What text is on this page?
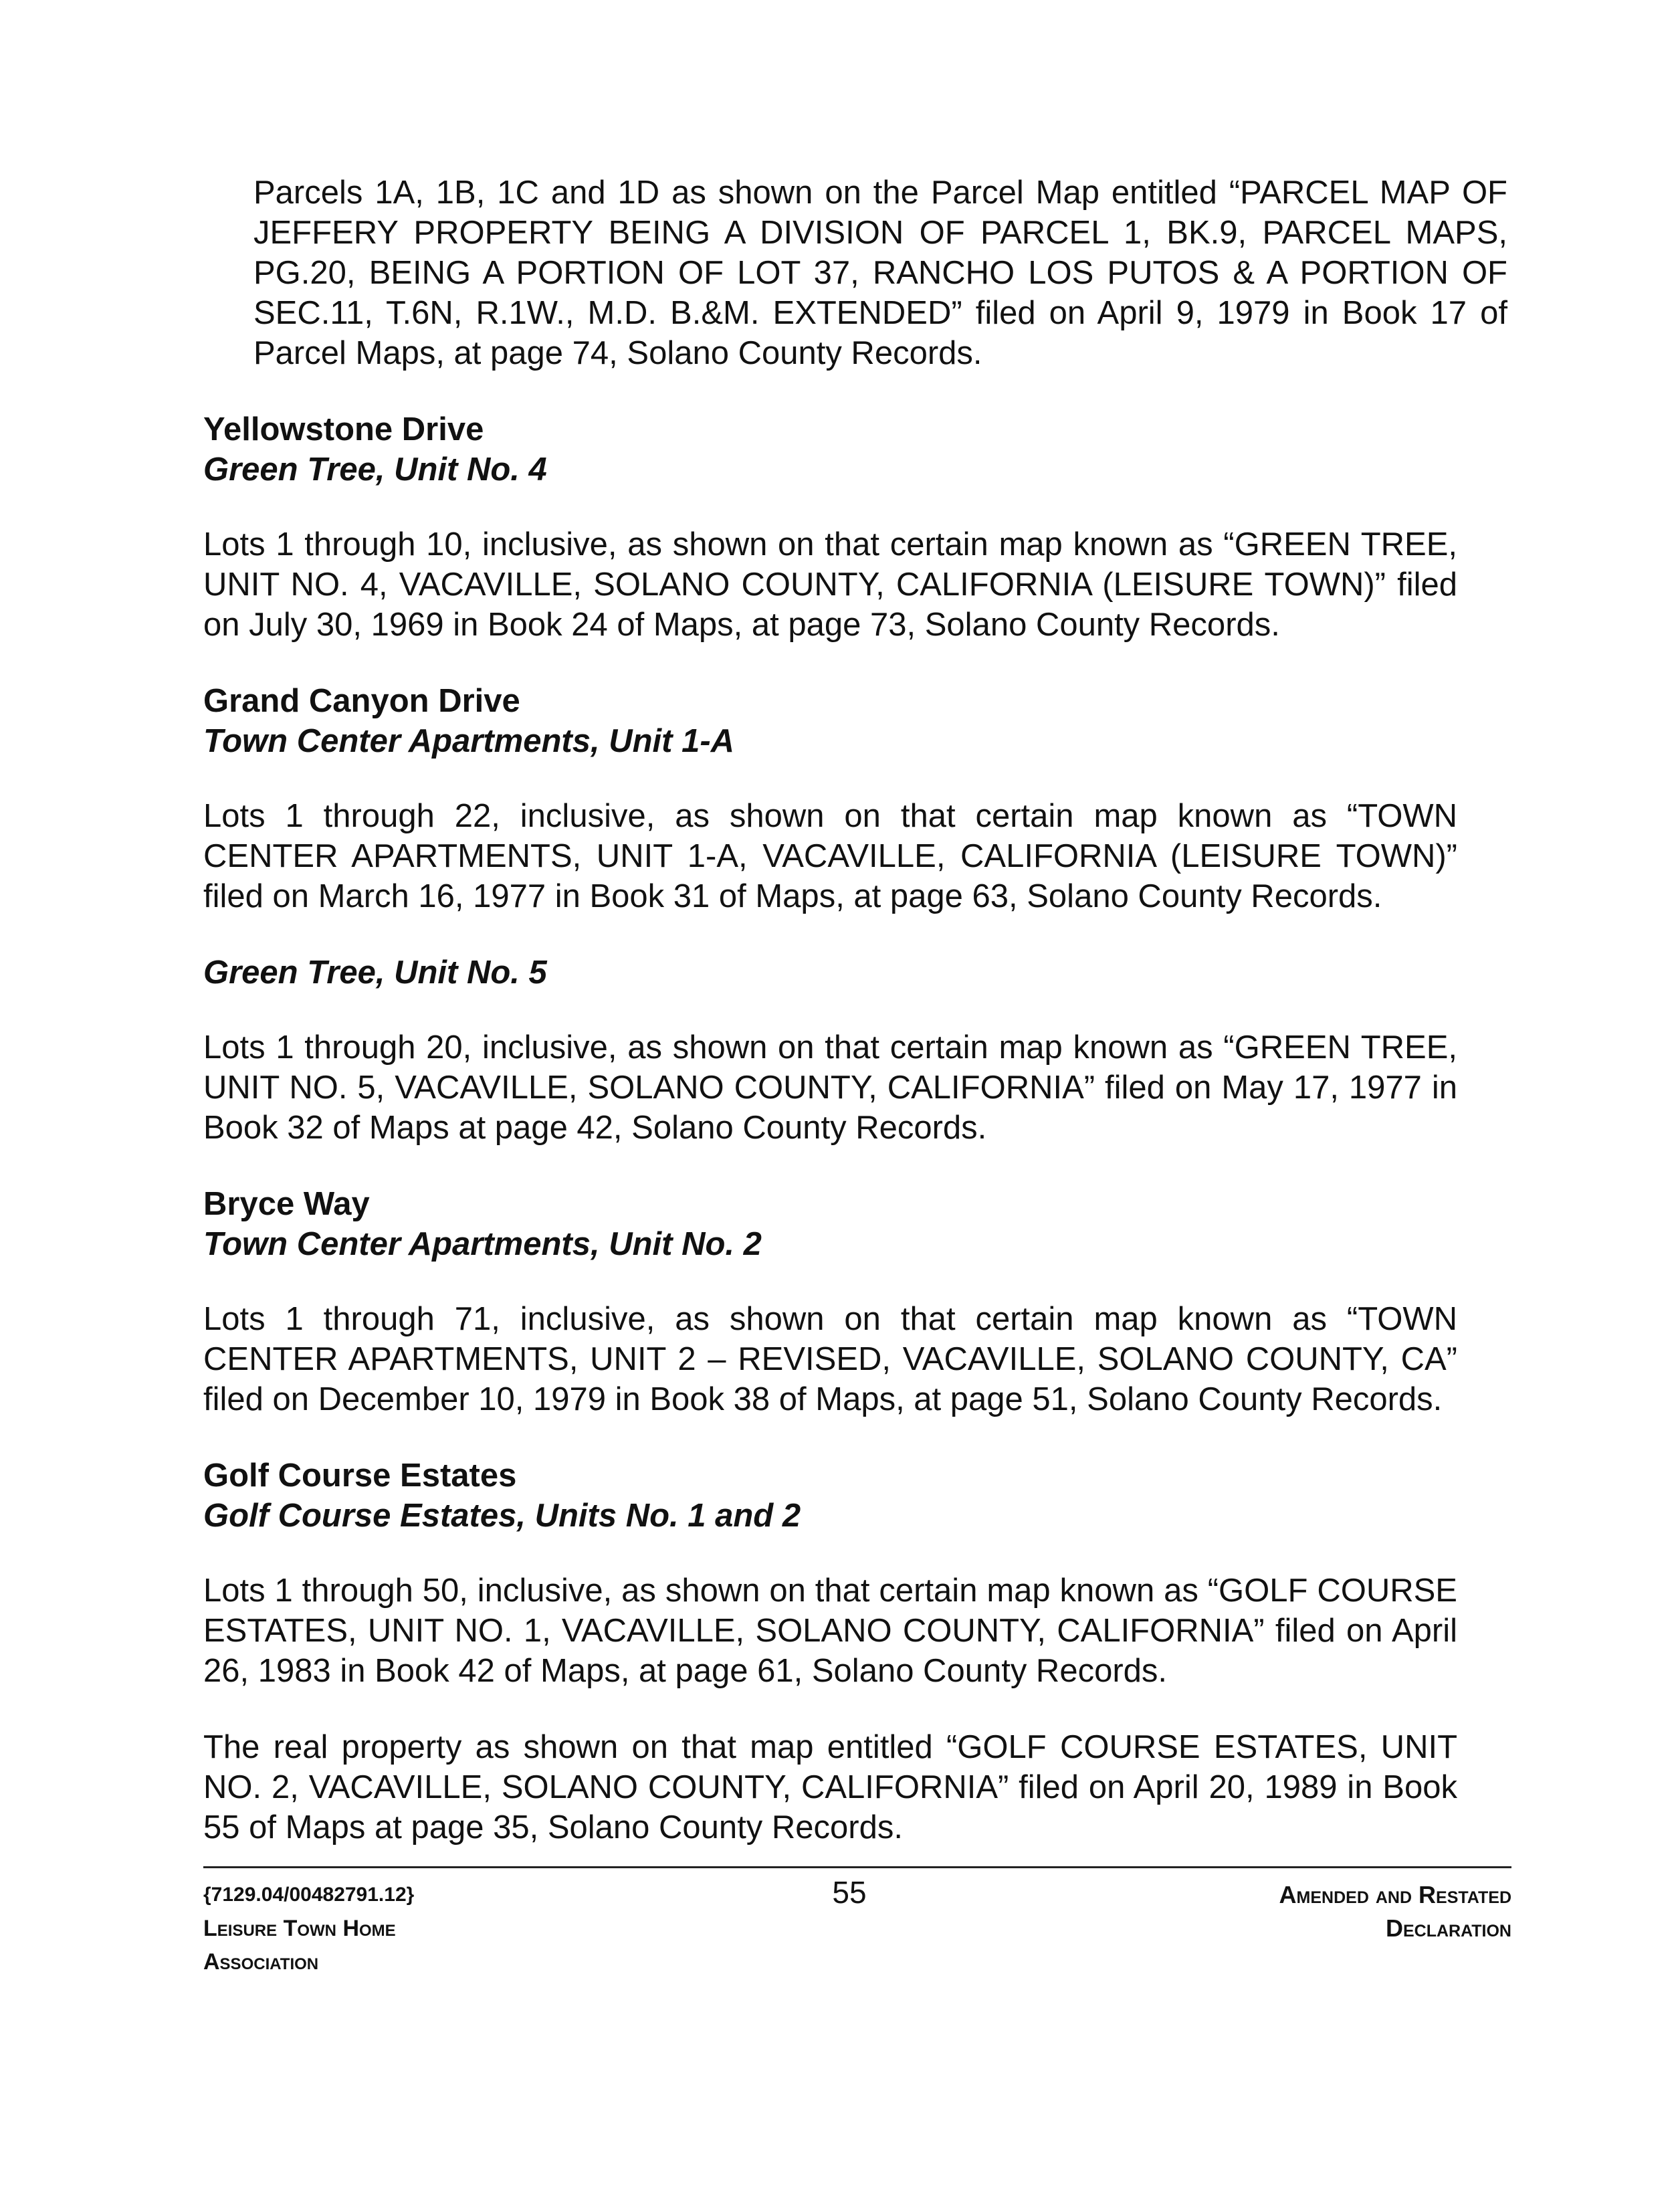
Parcels 1A, 1B, 1C and 1D as shown on the Parcel Map entitled “PARCEL MAP OF JEFFERY PROPERTY BEING A DIVISION OF PARCEL 1, BK.9, PARCEL MAPS, PG.20, BEING A PORTION OF LOT 37, RANCHO LOS PUTOS & A PORTION OF SEC.11, T.6N, R.1W., M.D. B.&M. EXTENDED” filed on April 9, 1979 in Book 17 of Parcel Maps, at page 74, Solano County Records.

Yellowstone Drive
Green Tree, Unit No. 4

Lots 1 through 10, inclusive, as shown on that certain map known as “GREEN TREE, UNIT NO. 4, VACAVILLE, SOLANO COUNTY, CALIFORNIA (LEISURE TOWN)” filed on July 30, 1969 in Book 24 of Maps, at page 73, Solano County Records.

Grand Canyon Drive
Town Center Apartments, Unit 1-A

Lots 1 through 22, inclusive, as shown on that certain map known as “TOWN CENTER APARTMENTS, UNIT 1-A, VACAVILLE, CALIFORNIA (LEISURE TOWN)” filed on March 16, 1977 in Book 31 of Maps, at page 63, Solano County Records.

Green Tree, Unit No. 5

Lots 1 through 20, inclusive, as shown on that certain map known as “GREEN TREE, UNIT NO. 5, VACAVILLE, SOLANO COUNTY, CALIFORNIA” filed on May 17, 1977 in Book 32 of Maps at page 42, Solano County Records.

Bryce Way
Town Center Apartments, Unit No. 2

Lots 1 through 71, inclusive, as shown on that certain map known as “TOWN CENTER APARTMENTS, UNIT 2 – REVISED, VACAVILLE, SOLANO COUNTY, CA” filed on December 10, 1979 in Book 38 of Maps, at page 51, Solano County Records.

Golf Course Estates
Golf Course Estates, Units No. 1 and 2

Lots 1 through 50, inclusive, as shown on that certain map known as “GOLF COURSE ESTATES, UNIT NO. 1, VACAVILLE, SOLANO COUNTY, CALIFORNIA” filed on April 26, 1983 in Book 42 of Maps, at page 61, Solano County Records.

The real property as shown on that map entitled “GOLF COURSE ESTATES, UNIT NO. 2, VACAVILLE, SOLANO COUNTY, CALIFORNIA” filed on April 20, 1989 in Book 55 of Maps at page 35, Solano County Records.

{7129.04/00482791.12}
Leisure Town Home
Association
55	Amended and Restated
Declaration
